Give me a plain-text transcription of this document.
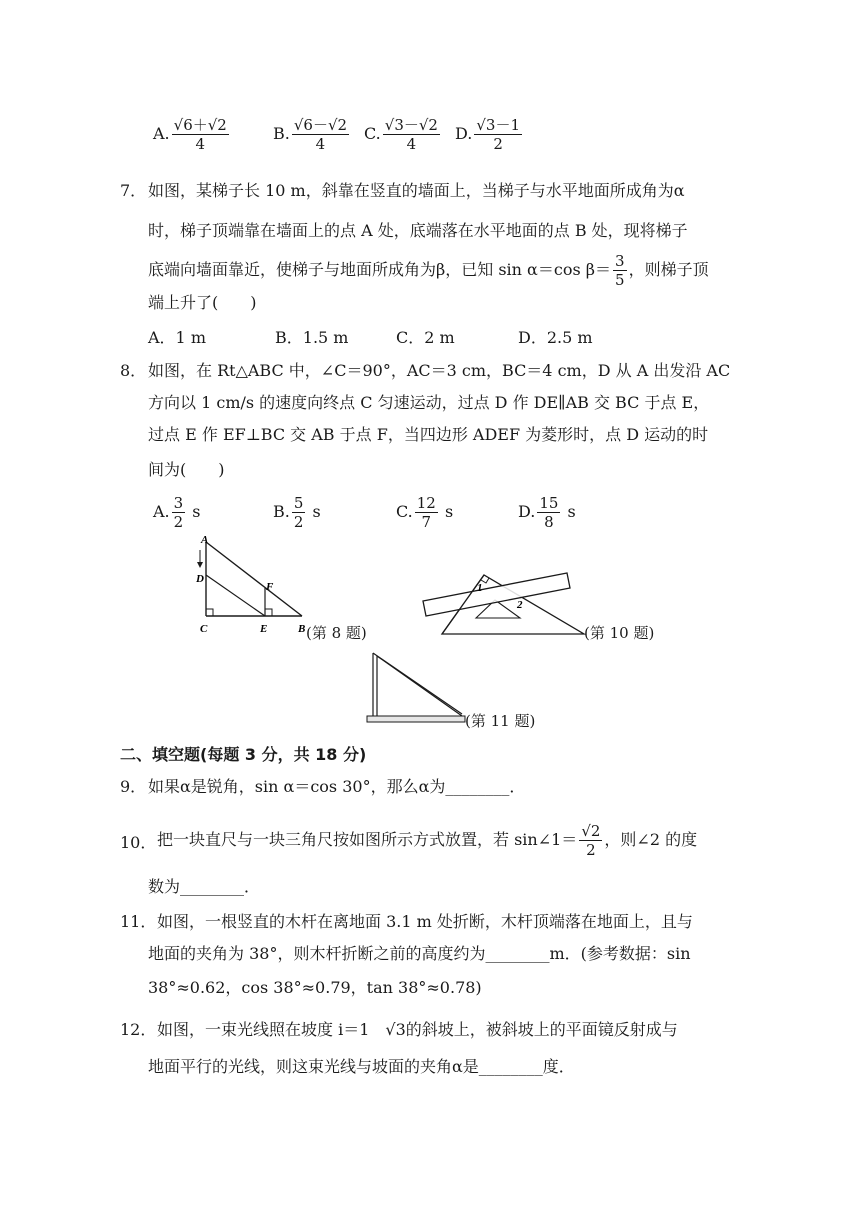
A. $\frac{√6+√2}{4}$	B. $\frac{√6-√2}{4} C$. $\frac{√3-√2}{4} D$. $\frac{√3-1}{2}$
7． 如图，某梯子长 10 m，斜靠在竖直的墙面上，当梯子与水平地面所成角为α
时，梯子顶端靠在墙面上的点 A 处，底端落在水平地面的点 B 处，现将梯子
底端向墙面靠近，使梯子与地面所成角为β，已知 sin α＝cos $\beta= \frac{3}{5}$ ，则梯子顶
端上升了(　　)
A．1 m	B．1.5 m	C．2 m	D．2.5 m
8． 如图，在 Rt△ABC 中，∠C＝90°，AC＝3 cm，BC＝4 cm，D 从 A 出发沿 AC
方向以 1 cm/s 的速度向终点 C 匀速运动，过点 D 作 DE∥AB 交 BC 于点 E，
过点 E 作 EF⊥BC 交 AB 于点 F，当四边形 ADEF 为菱形时，点 D 运动的时
间为(　　)
A. $\frac{3}{2}$ s	B. $\frac{5}{2}$ s	C. $\frac{12}{7}$ s	D. $\frac{15}{8}$ s
A
D
F
C	E	B (第 8 题)
1
2
(第 10 题)
(第 11 题)
二、填空题(每题 3 分，共 18 分)
9． 如果α是锐角，sin α＝cos 30°，那么α为________．
10． 把一块直尺与一块三角尺按如图所示方式放置，若 sin∠1＝ $\frac{√2}{2}$ ，则∠2 的度
数为________．
11． 如图，一根竖直的木杆在离地面 3.1 m 处折断，木杆顶端落在地面上，且与
地面的夹角为 38°，则木杆折断之前的高度约为________m．(参考数据：sin
38°≈0.62，cos 38°≈0.79，tan 38°≈0.78)
12． 如图，一束光线照在坡度 i＝1　√3的斜坡上，被斜坡上的平面镜反射成与
地面平行的光线，则这束光线与坡面的夹角α是________度．
